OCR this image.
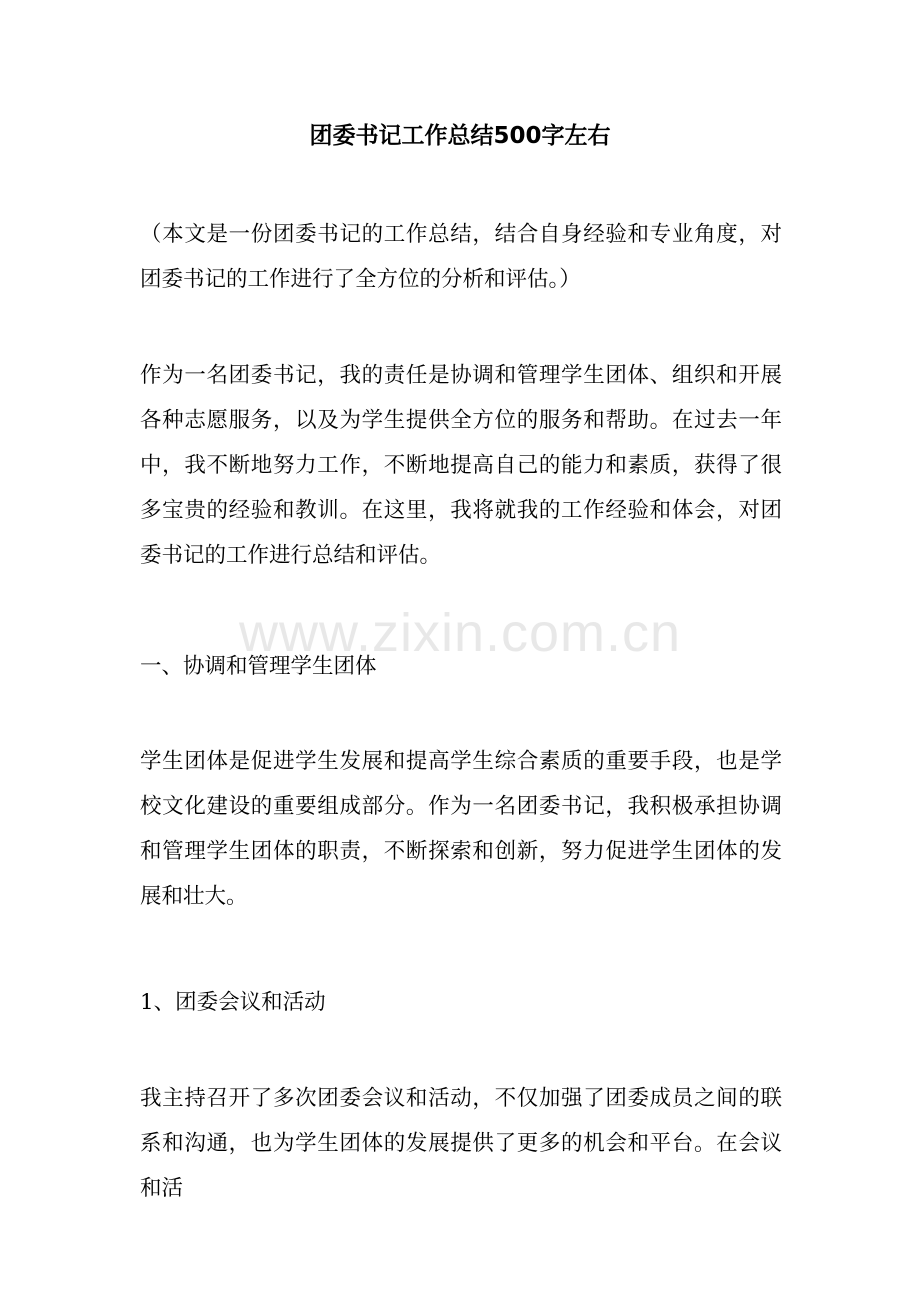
团委书记工作总结500字左右

（本文是一份团委书记的工作总结，结合自身经验和专业角度，对团委书记的工作进行了全方位的分析和评估。）

作为一名团委书记，我的责任是协调和管理学生团体、组织和开展各种志愿服务，以及为学生提供全方位的服务和帮助。在过去一年中，我不断地努力工作，不断地提高自己的能力和素质，获得了很多宝贵的经验和教训。在这里，我将就我的工作经验和体会，对团委书记的工作进行总结和评估。

www.zixin.com.cn

一、协调和管理学生团体

学生团体是促进学生发展和提高学生综合素质的重要手段，也是学校文化建设的重要组成部分。作为一名团委书记，我积极承担协调和管理学生团体的职责，不断探索和创新，努力促进学生团体的发展和壮大。

1、团委会议和活动

我主持召开了多次团委会议和活动，不仅加强了团委成员之间的联系和沟通，也为学生团体的发展提供了更多的机会和平台。在会议和活
